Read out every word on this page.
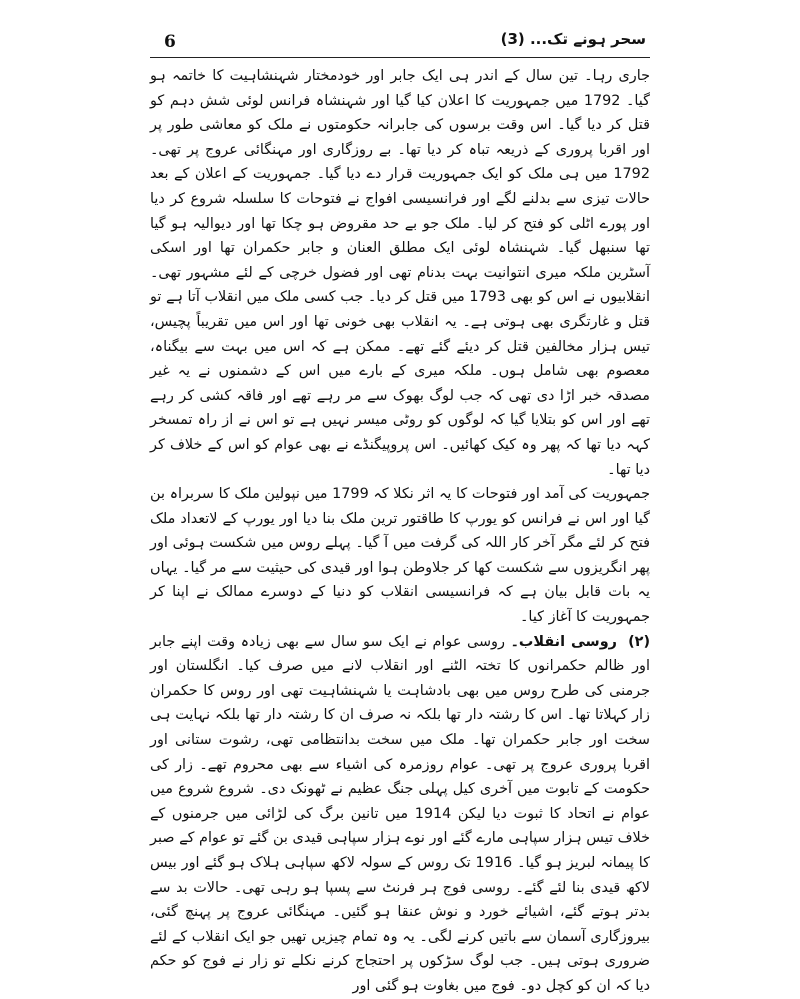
6	سحر ہونے تک... (3)

جاری رہا۔ تین سال کے اندر ہی ایک جابر اور خودمختار شہنشاہیت کا خاتمہ ہو گیا۔ 1792 میں جمہوریت کا اعلان کیا گیا اور شہنشاہ فرانس لوئی شش دہم کو قتل کر دیا گیا۔ اس وقت برسوں کی جابرانہ حکومتوں نے ملک کو معاشی طور پر اور اقربا پروری کے ذریعہ تباہ کر دیا تھا۔ بے روزگاری اور مہنگائی عروج پر تھی۔ 1792 میں ہی ملک کو ایک جمہوریت قرار دے دیا گیا۔ جمہوریت کے اعلان کے بعد حالات تیزی سے بدلنے لگے اور فرانسیسی افواج نے فتوحات کا سلسلہ شروع کر دیا اور پورے اٹلی کو فتح کر لیا۔ ملک جو بے حد مقروض ہو چکا تھا اور دیوالیہ ہو گیا تھا سنبھل گیا۔ شہنشاہ لوئی ایک مطلق العنان و جابر حکمران تھا اور اسکی آسٹرین ملکہ میری انتوانیت بہت بدنام تھی اور فضول خرچی کے لئے مشہور تھی۔ انقلابیوں نے اس کو بھی 1793 میں قتل کر دیا۔ جب کسی ملک میں انقلاب آتا ہے تو قتل و غارتگری بھی ہوتی ہے۔ یہ انقلاب بھی خونی تھا اور اس میں تقریباً پچیس، تیس ہزار مخالفین قتل کر دیئے گئے تھے۔ ممکن ہے کہ اس میں بہت سے بیگناہ، معصوم بھی شامل ہوں۔ ملکہ میری کے بارے میں اس کے دشمنوں نے یہ غیر مصدقہ خبر اڑا دی تھی کہ جب لوگ بھوک سے مر رہے تھے اور فاقہ کشی کر رہے تھے اور اس کو بتلایا گیا کہ لوگوں کو روٹی میسر نہیں ہے تو اس نے از راہ تمسخر کہہ دیا تھا کہ پھر وہ کیک کھائیں۔ اس پروپیگنڈے نے بھی عوام کو اس کے خلاف کر دیا تھا۔

جمہوریت کی آمد اور فتوحات کا یہ اثر نکلا کہ 1799 میں نپولین ملک کا سربراہ بن گیا اور اس نے فرانس کو یورپ کا طاقتور ترین ملک بنا دیا اور یورپ کے لاتعداد ملک فتح کر لئے مگر آخر کار اللہ کی گرفت میں آ گیا۔ پہلے روس میں شکست ہوئی اور پھر انگریزوں سے شکست کھا کر جلاوطن ہوا اور قیدی کی حیثیت سے مر گیا۔ یہاں یہ بات قابل بیان ہے کہ فرانسیسی انقلاب کو دنیا کے دوسرے ممالک نے اپنا کر جمہوریت کا آغاز کیا۔

(۲)  روسی انقلاب۔ روسی عوام نے ایک سو سال سے بھی زیادہ وقت اپنے جابر اور ظالم حکمرانوں کا تختہ الٹنے اور انقلاب لانے میں صرف کیا۔ انگلستان اور جرمنی کی طرح روس میں بھی بادشاہت یا شہنشاہیت تھی اور روس کا حکمران زار کہلاتا تھا۔ اس کا رشتہ دار تھا بلکہ نہ صرف ان کا رشتہ دار تھا بلکہ نہایت ہی سخت اور جابر حکمران تھا۔ ملک میں سخت بدانتظامی تھی، رشوت ستانی اور اقربا پروری عروج پر تھی۔ عوام روزمرہ کی اشیاء سے بھی محروم تھے۔ زار کی حکومت کے تابوت میں آخری کیل پہلی جنگ عظیم نے ٹھونک دی۔ شروع شروع میں عوام نے اتحاد کا ثبوت دیا لیکن 1914 میں تانین برگ کی لڑائی میں جرمنوں کے خلاف تیس ہزار سپاہی مارے گئے اور نوے ہزار سپاہی قیدی بن گئے تو عوام کے صبر کا پیمانہ لبریز ہو گیا۔ 1916 تک روس کے سولہ لاکھ سپاہی ہلاک ہو گئے اور بیس لاکھ قیدی بنا لئے گئے۔ روسی فوج ہر فرنٹ سے پسپا ہو رہی تھی۔ حالات بد سے بدتر ہوتے گئے، اشیائے خورد و نوش عنقا ہو گئیں۔ مہنگائی عروج پر پہنچ گئی، بیروزگاری آسمان سے باتیں کرنے لگی۔ یہ وہ تمام چیزیں تھیں جو ایک انقلاب کے لئے ضروری ہوتی ہیں۔ جب لوگ سڑکوں پر احتجاج کرنے نکلے تو زار نے فوج کو حکم دیا کہ ان کو کچل دو۔ فوج میں بغاوت ہو گئی اور
